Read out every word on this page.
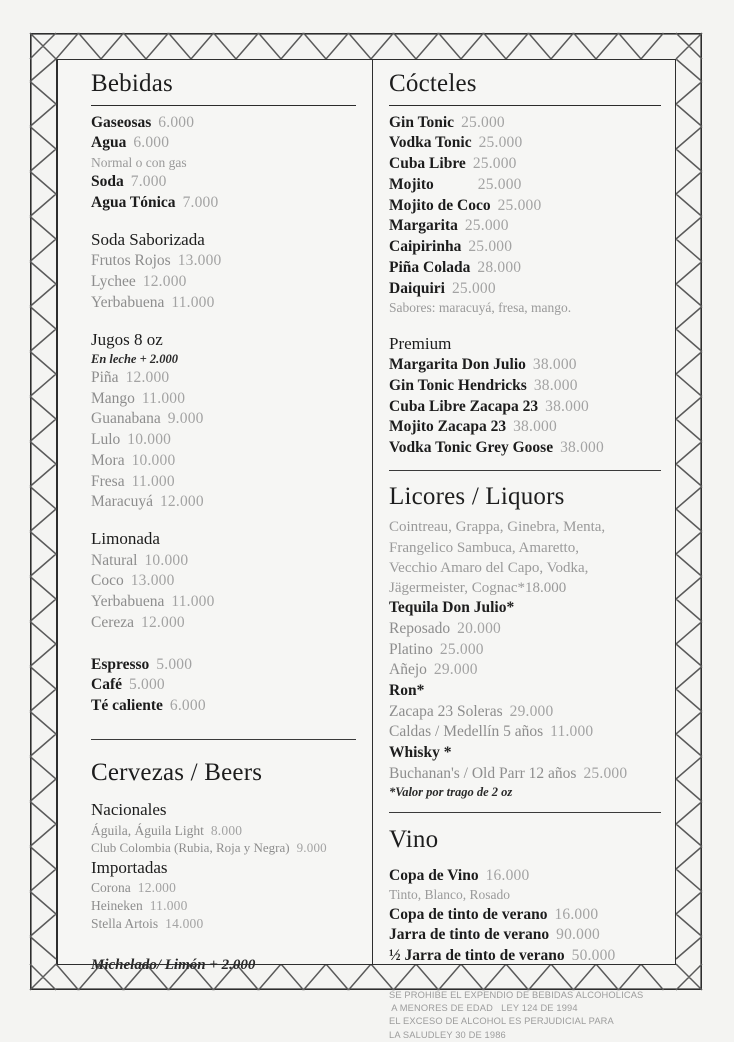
Bebidas
Gaseosas 6.000
Agua 6.000
Normal o con gas
Soda 7.000
Agua Tónica 7.000
Soda Saborizada
Frutos Rojos 13.000
Lychee 12.000
Yerbabuena 11.000
Jugos 8 oz
En leche + 2.000
Piña 12.000
Mango 11.000
Guanabana 9.000
Lulo 10.000
Mora 10.000
Fresa 11.000
Maracuyá 12.000
Limonada
Natural 10.000
Coco 13.000
Yerbabuena 11.000
Cereza 12.000
Espresso 5.000
Café 5.000
Té caliente 6.000
Cervezas / Beers
Nacionales
Águila, Águila Light 8.000
Club Colombia (Rubia, Roja y Negra) 9.000
Importadas
Corona 12.000
Heineken 11.000
Stella Artois 14.000
Michelado/ Limón + 2.000
Cócteles
Gin Tonic 25.000
Vodka Tonic 25.000
Cuba Libre 25.000
Mojito	25.000
Mojito de Coco 25.000
Margarita 25.000
Caipirinha 25.000
Piña Colada 28.000
Daiquiri 25.000
Sabores: maracuyá, fresa, mango.
Premium
Margarita Don Julio 38.000
Gin Tonic Hendricks 38.000
Cuba Libre Zacapa 23 38.000
Mojito Zacapa 23 38.000
Vodka Tonic Grey Goose 38.000
Licores / Liquors
Cointreau, Grappa, Ginebra, Menta,
Frangelico Sambuca, Amaretto,
Vecchio Amaro del Capo, Vodka,
Jägermeister, Cognac*18.000
Tequila Don Julio*
Reposado 20.000
Platino 25.000
Añejo 29.000
Ron*
Zacapa 23 Soleras 29.000
Caldas / Medellín 5 años 11.000
Whisky *
Buchanan's / Old Parr 12 años 25.000
*Valor por trago de 2 oz
Vino
Copa de Vino 16.000
Tinto, Blanco, Rosado
Copa de tinto de verano 16.000
Jarra de tinto de verano 90.000
½ Jarra de tinto de verano 50.000
SE PROHIBE EL EXPENDIO DE BEBIDAS ALCOHOLICAS
A MENORES DE EDAD   LEY 124 DE 1994
EL EXCESO DE ALCOHOL ES PERJUDICIAL PARA
LA SALUDLEY 30 DE 1986
